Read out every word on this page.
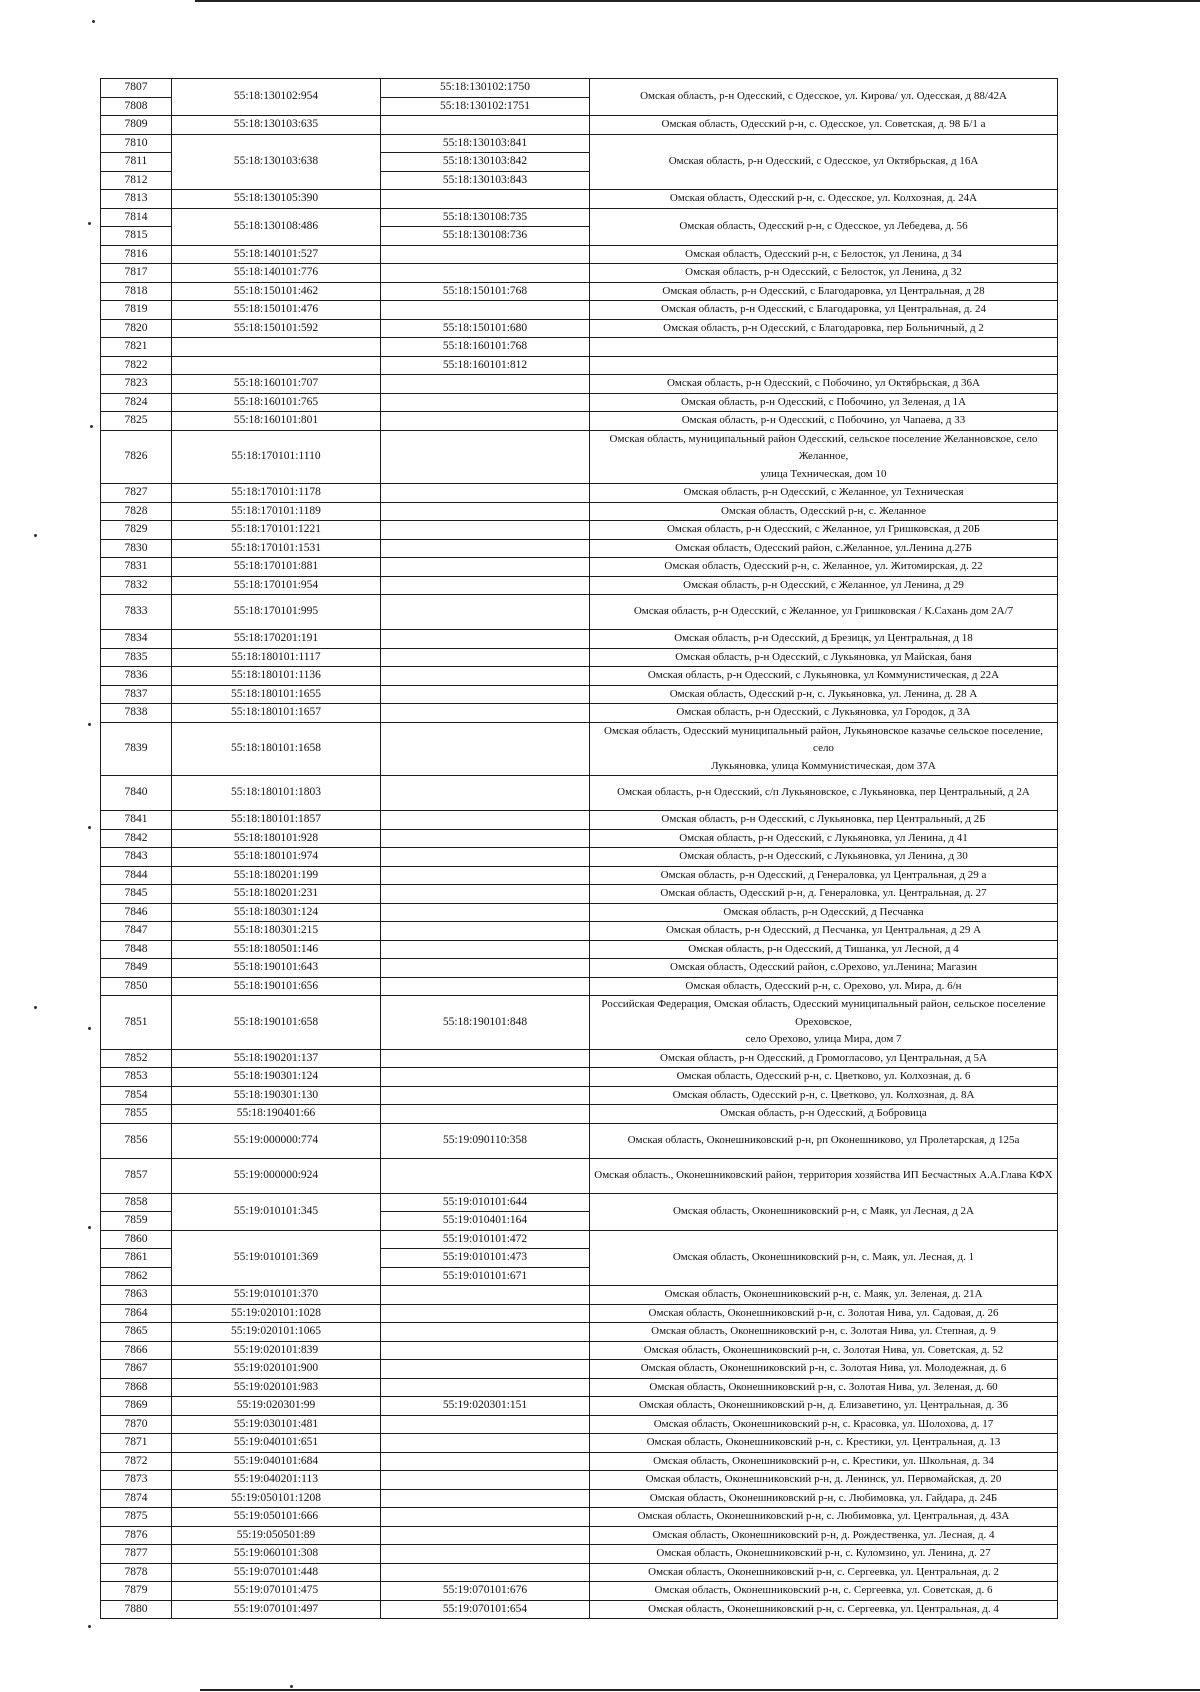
7807	55:18:130102:954	55:18:130102:1750	Омская область, р-н Одесский, с Одесское, ул. Кирова/ ул. Одесская, д 88/42А
7808		55:18:130102:1751	
7809	55:18:130103:635		Омская область, Одесский р-н, с. Одесское, ул. Советская, д. 98 Б/1 а
7810	55:18:130103:638	55:18:130103:841	Омская область, р-н Одесский, с Одесское, ул Октябрьская, д 16А
7811		55:18:130103:842	
7812		55:18:130103:843	
7813	55:18:130105:390		Омская область, Одесский р-н, с. Одесское, ул. Колхозная, д. 24А
7814	55:18:130108:486	55:18:130108:735	Омская область, Одесский р-н, с Одесское, ул Лебедева, д. 56
7815		55:18:130108:736	
7816	55:18:140101:527		Омская область, Одесский р-н, с Белосток, ул Ленина, д 34
7817	55:18:140101:776		Омская область, р-н Одесский, с Белосток, ул Ленина, д 32
7818	55:18:150101:462	55:18:150101:768	Омская область, р-н Одесский, с Благодаровка, ул Центральная, д 28
7819	55:18:150101:476		Омская область, р-н Одесский, с Благодаровка, ул Центральная, д. 24
7820	55:18:150101:592	55:18:150101:680	Омская область, р-н Одесский, с Благодаровка, пер Больничный, д 2
7821		55:18:160101:768	
7822		55:18:160101:812	
7823	55:18:160101:707		Омская область, р-н Одесский, с Побочино, ул Октябрьская, д 36А
7824	55:18:160101:765		Омская область, р-н Одесский, с Побочино, ул Зеленая, д 1А
7825	55:18:160101:801		Омская область, р-н Одесский, с Побочино, ул Чапаева, д 33
7826	55:18:170101:1110		Омская область, муниципальный район Одесский, сельское поселение Желанновское, село Желанное,
улица Техническая, дом 10
7827	55:18:170101:1178		Омская область, р-н Одесский, с Желанное, ул Техническая
7828	55:18:170101:1189		Омская область, Одесский р-н, с. Желанное
7829	55:18:170101:1221		Омская область, р-н Одесский, с Желанное, ул Гришковская, д 20Б
7830	55:18:170101:1531		Омская область, Одесский район, с.Желанное, ул.Ленина д.27Б
7831	55:18:170101:881		Омская область, Одесский р-н, с. Желанное, ул. Житомирская, д. 22
7832	55:18:170101:954		Омская область, р-н Одесский, с Желанное, ул Ленина, д 29
7833	55:18:170101:995		Омская область, р-н Одесский, с Желанное, ул Гришковская / К.Сахань дом 2А/7
7834	55:18:170201:191		Омская область, р-н Одесский, д Брезицк, ул Центральная, д 18
7835	55:18:180101:1117		Омская область, р-н Одесский, с Лукьяновка, ул Майская, баня
7836	55:18:180101:1136		Омская область, р-н Одесский, с Лукьяновка, ул Коммунистическая, д 22А
7837	55:18:180101:1655		Омская область, Одесский р-н, с. Лукьяновка, ул. Ленина, д. 28 А
7838	55:18:180101:1657		Омская область, р-н Одесский, с Лукьяновка, ул Городок, д 3А
7839	55:18:180101:1658		Омская область, Одесский муниципальный район, Лукьяновское казачье сельское поселение, село
Лукьяновка, улица Коммунистическая, дом 37А
7840	55:18:180101:1803		Омская область, р-н Одесский, с/п Лукьяновское, с Лукьяновка, пер Центральный, д 2А
7841	55:18:180101:1857		Омская область, р-н Одесский, с Лукьяновка, пер Центральный, д 2Б
7842	55:18:180101:928		Омская область, р-н Одесский, с Лукьяновка, ул Ленина, д 41
7843	55:18:180101:974		Омская область, р-н Одесский, с Лукьяновка, ул Ленина, д 30
7844	55:18:180201:199		Омская область, р-н Одесский, д Генераловка, ул Центральная, д 29 а
7845	55:18:180201:231		Омская область, Одесский р-н, д. Генераловка, ул. Центральная, д. 27
7846	55:18:180301:124		Омская область, р-н Одесский, д Песчанка
7847	55:18:180301:215		Омская область, р-н Одесский, д Песчанка, ул Центральная, д 29 А
7848	55:18:180501:146		Омская область, р-н Одесский, д Тишанка, ул Лесной, д 4
7849	55:18:190101:643		Омская область, Одесский район, с.Орехово, ул.Ленина; Магазин
7850	55:18:190101:656		Омская область, Одесский р-н, с. Орехово, ул. Мира, д. 6/н
7851	55:18:190101:658	55:18:190101:848	Российская Федерация, Омская область, Одесский муниципальный район, сельское поселение Ореховское,
село Орехово, улица Мира, дом 7
7852	55:18:190201:137		Омская область, р-н Одесский, д Громогласово, ул Центральная, д 5А
7853	55:18:190301:124		Омская область, Одесский р-н, с. Цветково, ул. Колхозная, д. 6
7854	55:18:190301:130		Омская область, Одесский р-н, с. Цветково, ул. Колхозная, д. 8А
7855	55:18:190401:66		Омская область, р-н Одесский, д Бобровица
7856	55:19:000000:774	55:19:090110:358	Омская область, Оконешниковский р-н, рп Оконешниково, ул Пролетарская, д 125а
7857	55:19:000000:924		Омская область., Оконешниковский район, территория хозяйства ИП Бесчастных А.А.Глава КФХ
7858	55:19:010101:345	55:19:010101:644	Омская область, Оконешниковский р-н, с Маяк, ул Лесная, д 2А
7859		55:19:010401:164	
7860	55:19:010101:369	55:19:010101:472	Омская область, Оконешниковский р-н, с. Маяк, ул. Лесная, д. 1
7861		55:19:010101:473	
7862		55:19:010101:671	
7863	55:19:010101:370		Омская область, Оконешниковский р-н, с. Маяк, ул. Зеленая, д. 21А
7864	55:19:020101:1028		Омская область, Оконешниковский р-н, с. Золотая Нива, ул. Садовая, д. 26
7865	55:19:020101:1065		Омская область, Оконешниковский р-н, с. Золотая Нива, ул. Степная, д. 9
7866	55:19:020101:839		Омская область, Оконешниковский р-н, с. Золотая Нива, ул. Советская, д. 52
7867	55:19:020101:900		Омская область, Оконешниковский р-н, с. Золотая Нива, ул. Молодежная, д. 6
7868	55:19:020101:983		Омская область, Оконешниковский р-н, с. Золотая Нива, ул. Зеленая, д. 60
7869	55:19:020301:99	55:19:020301:151	Омская область, Оконешниковский р-н, д. Елизаветино, ул. Центральная, д. 36
7870	55:19:030101:481		Омская область, Оконешниковский р-н, с. Красовка, ул. Шолохова, д. 17
7871	55:19:040101:651		Омская область, Оконешниковский р-н, с. Крестики, ул. Центральная, д. 13
7872	55:19:040101:684		Омская область, Оконешниковский р-н, с. Крестики, ул. Школьная, д. 34
7873	55:19:040201:113		Омская область, Оконешниковский р-н, д. Ленинск, ул. Первомайская, д. 20
7874	55:19:050101:1208		Омская область, Оконешниковский р-н, с. Любимовка, ул. Гайдара, д. 24Б
7875	55:19:050101:666		Омская область, Оконешниковский р-н, с. Любимовка, ул. Центральная, д. 43А
7876	55:19:050501:89		Омская область, Оконешниковский р-н, д. Рождественка, ул. Лесная, д. 4
7877	55:19:060101:308		Омская область, Оконешниковский р-н, с. Куломзино, ул. Ленина, д. 27
7878	55:19:070101:448		Омская область, Оконешниковский р-н, с. Сергеевка, ул. Центральная, д. 2
7879	55:19:070101:475	55:19:070101:676	Омская область, Оконешниковский р-н, с. Сергеевка, ул. Советская, д. 6
7880	55:19:070101:497	55:19:070101:654	Омская область, Оконешниковский р-н, с. Сергеевка, ул. Центральная, д. 4
